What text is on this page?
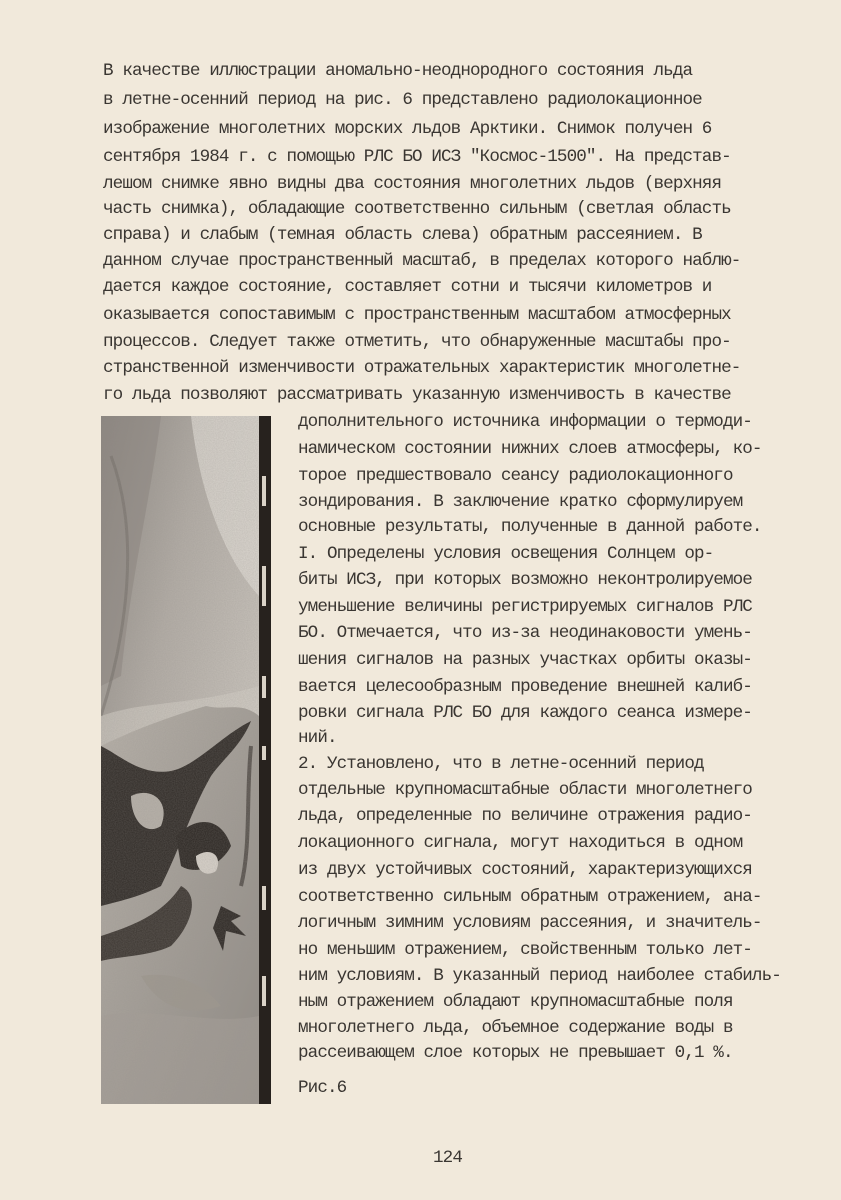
В качестве иллюстрации аномально-неоднородного состояния льда
в летне-осенний период на рис. 6 представлено радиолокационное
изображение многолетних морских льдов Арктики. Снимок получен 6
сентября 1984 г. с помощью РЛС БО ИСЗ "Космос-1500". На представ-
лешом снимке явно видны два состояния многолетних льдов (верхняя
часть снимка), обладающие соответственно сильным (светлая область
справа) и слабым (темная область слева) обратным рассеянием. В
данном случае пространственный масштаб, в пределах которого наблю-
дается каждое состояние, составляет сотни и тысячи километров и
оказывается сопоставимым с пространственным масштабом атмосферных
процессов. Следует также отметить, что обнаруженные масштабы про-
странственной изменчивости отражательных характеристик многолетне-
го льда позволяют рассматривать указанную изменчивость в качестве
дополнительного источника информации о термоди-
намическом состоянии нижних слоев атмосферы, ко-
торое предшествовало сеансу радиолокационного
зондирования. В заключение кратко сформулируем
основные результаты, полученные в данной работе.
I. Определены условия освещения Солнцем ор-
биты ИСЗ, при которых возможно неконтролируемое
уменьшение величины регистрируемых сигналов РЛС
БО. Отмечается, что из-за неодинаковости умень-
шения сигналов на разных участках орбиты оказы-
вается целесообразным проведение внешней калиб-
ровки сигнала РЛС БО для каждого сеанса измере-
ний.
2. Установлено, что в летне-осенний период
отдельные крупномасштабные области многолетнего
льда, определенные по величине отражения радио-
локационного сигнала, могут находиться в одном
из двух устойчивых состояний, характеризующихся
соответственно сильным обратным отражением, ана-
логичным зимним условиям рассеяния, и значитель-
но меньшим отражением, свойственным только лет-
ним условиям. В указанный период наиболее стабиль-
ным отражением обладают крупномасштабные поля
многолетнего льда, объемное содержание воды в
рассеивающем слое которых не превышает 0,1 %.
Рис.6
124
